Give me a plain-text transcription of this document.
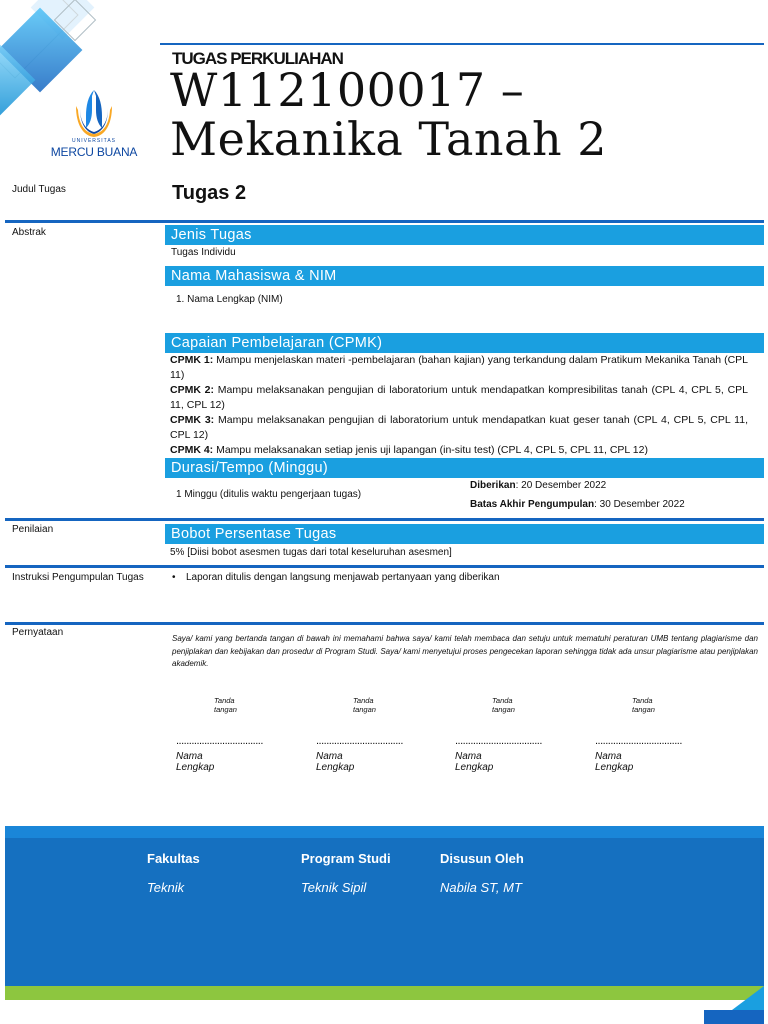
UNIVERSITAS
MERCU BUANA
TUGAS PERKULIAHAN
W112100017 –
Mekanika Tanah 2
Tugas 2
Judul Tugas
Abstrak	Jenis Tugas
Tugas Individu
Nama Mahasiswa & NIM
1. Nama Lengkap (NIM)
Capaian Pembelajaran (CPMK)
CPMK 1: Mampu menjelaskan materi -pembelajaran (bahan kajian) yang terkandung dalam Pratikum Mekanika Tanah (CPL 11)
CPMK 2: Mampu melaksanakan pengujian di laboratorium untuk mendapatkan kompresibilitas tanah (CPL 4, CPL 5, CPL 11, CPL 12)
CPMK 3: Mampu melaksanakan pengujian di laboratorium untuk mendapatkan kuat geser tanah (CPL 4, CPL 5, CPL 11, CPL 12)
CPMK 4: Mampu melaksanakan setiap jenis uji lapangan (in-situ test) (CPL 4, CPL 5, CPL 11, CPL 12)
Durasi/Tempo (Minggu)
1 Minggu (ditulis waktu pengerjaan tugas)
Diberikan: 20 Desember 2022
Batas Akhir Pengumpulan: 30 Desember 2022
Penilaian	Bobot Persentase Tugas
5% [Diisi bobot asesmen tugas dari total keseluruhan asesmen]
Instruksi Pengumpulan Tugas	• Laporan ditulis dengan langsung menjawab pertanyaan yang diberikan
Pernyataan
Saya/ kami yang bertanda tangan di bawah ini memahami bahwa saya/ kami telah membaca dan setuju untuk mematuhi peraturan UMB tentang plagiarisme dan penjiplakan dan kebijakan dan prosedur di Program Studi. Saya/ kami menyetujui proses pengecekan laporan sehingga tidak ada unsur plagiarisme atau penjiplakan akademik.
Tanda tangan
..................................
Nama Lengkap
Tanda tangan
..................................
Nama Lengkap
Tanda tangan
..................................
Nama Lengkap
Tanda tangan
..................................
Nama Lengkap
Fakultas
Teknik
Program Studi
Teknik Sipil
Disusun Oleh
Nabila ST, MT
